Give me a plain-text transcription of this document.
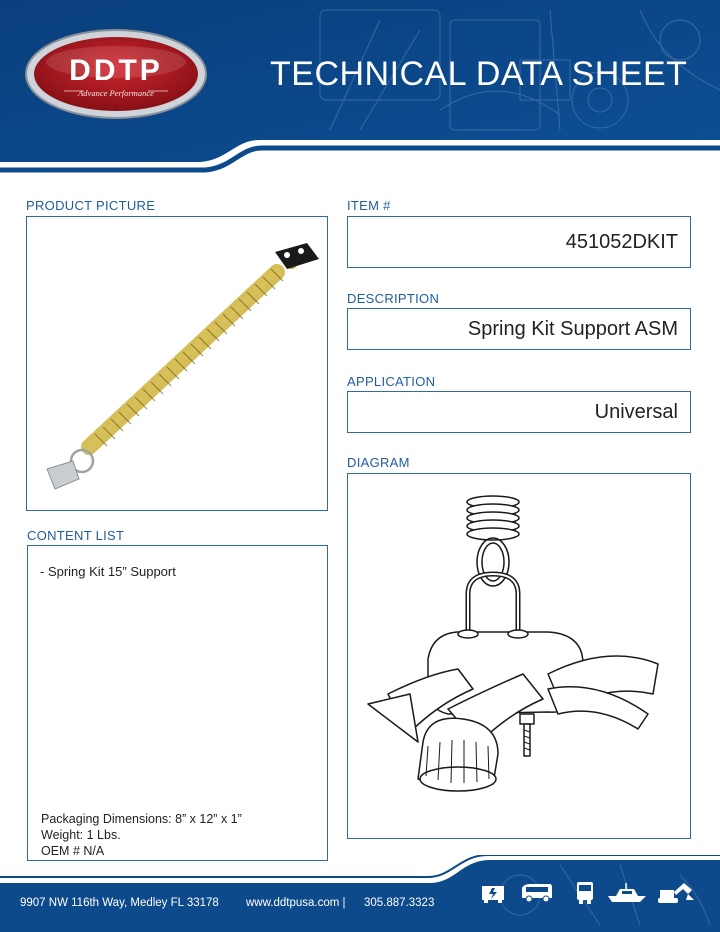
DDTP
Advance Performance	TECHNICAL DATA SHEET
PRODUCT PICTURE	ITEM #
451052DKIT
DESCRIPTION
Spring Kit Support ASM
APPLICATION
Universal
DIAGRAM
CONTENT LIST
- Spring Kit 15” Support
Packaging Dimensions: 8” x 12” x 1”
Weight: 1 Lbs.
OEM # N/A
9907 NW 116th Way, Medley FL 33178 www.ddtpusa.com | 305.887.3323
